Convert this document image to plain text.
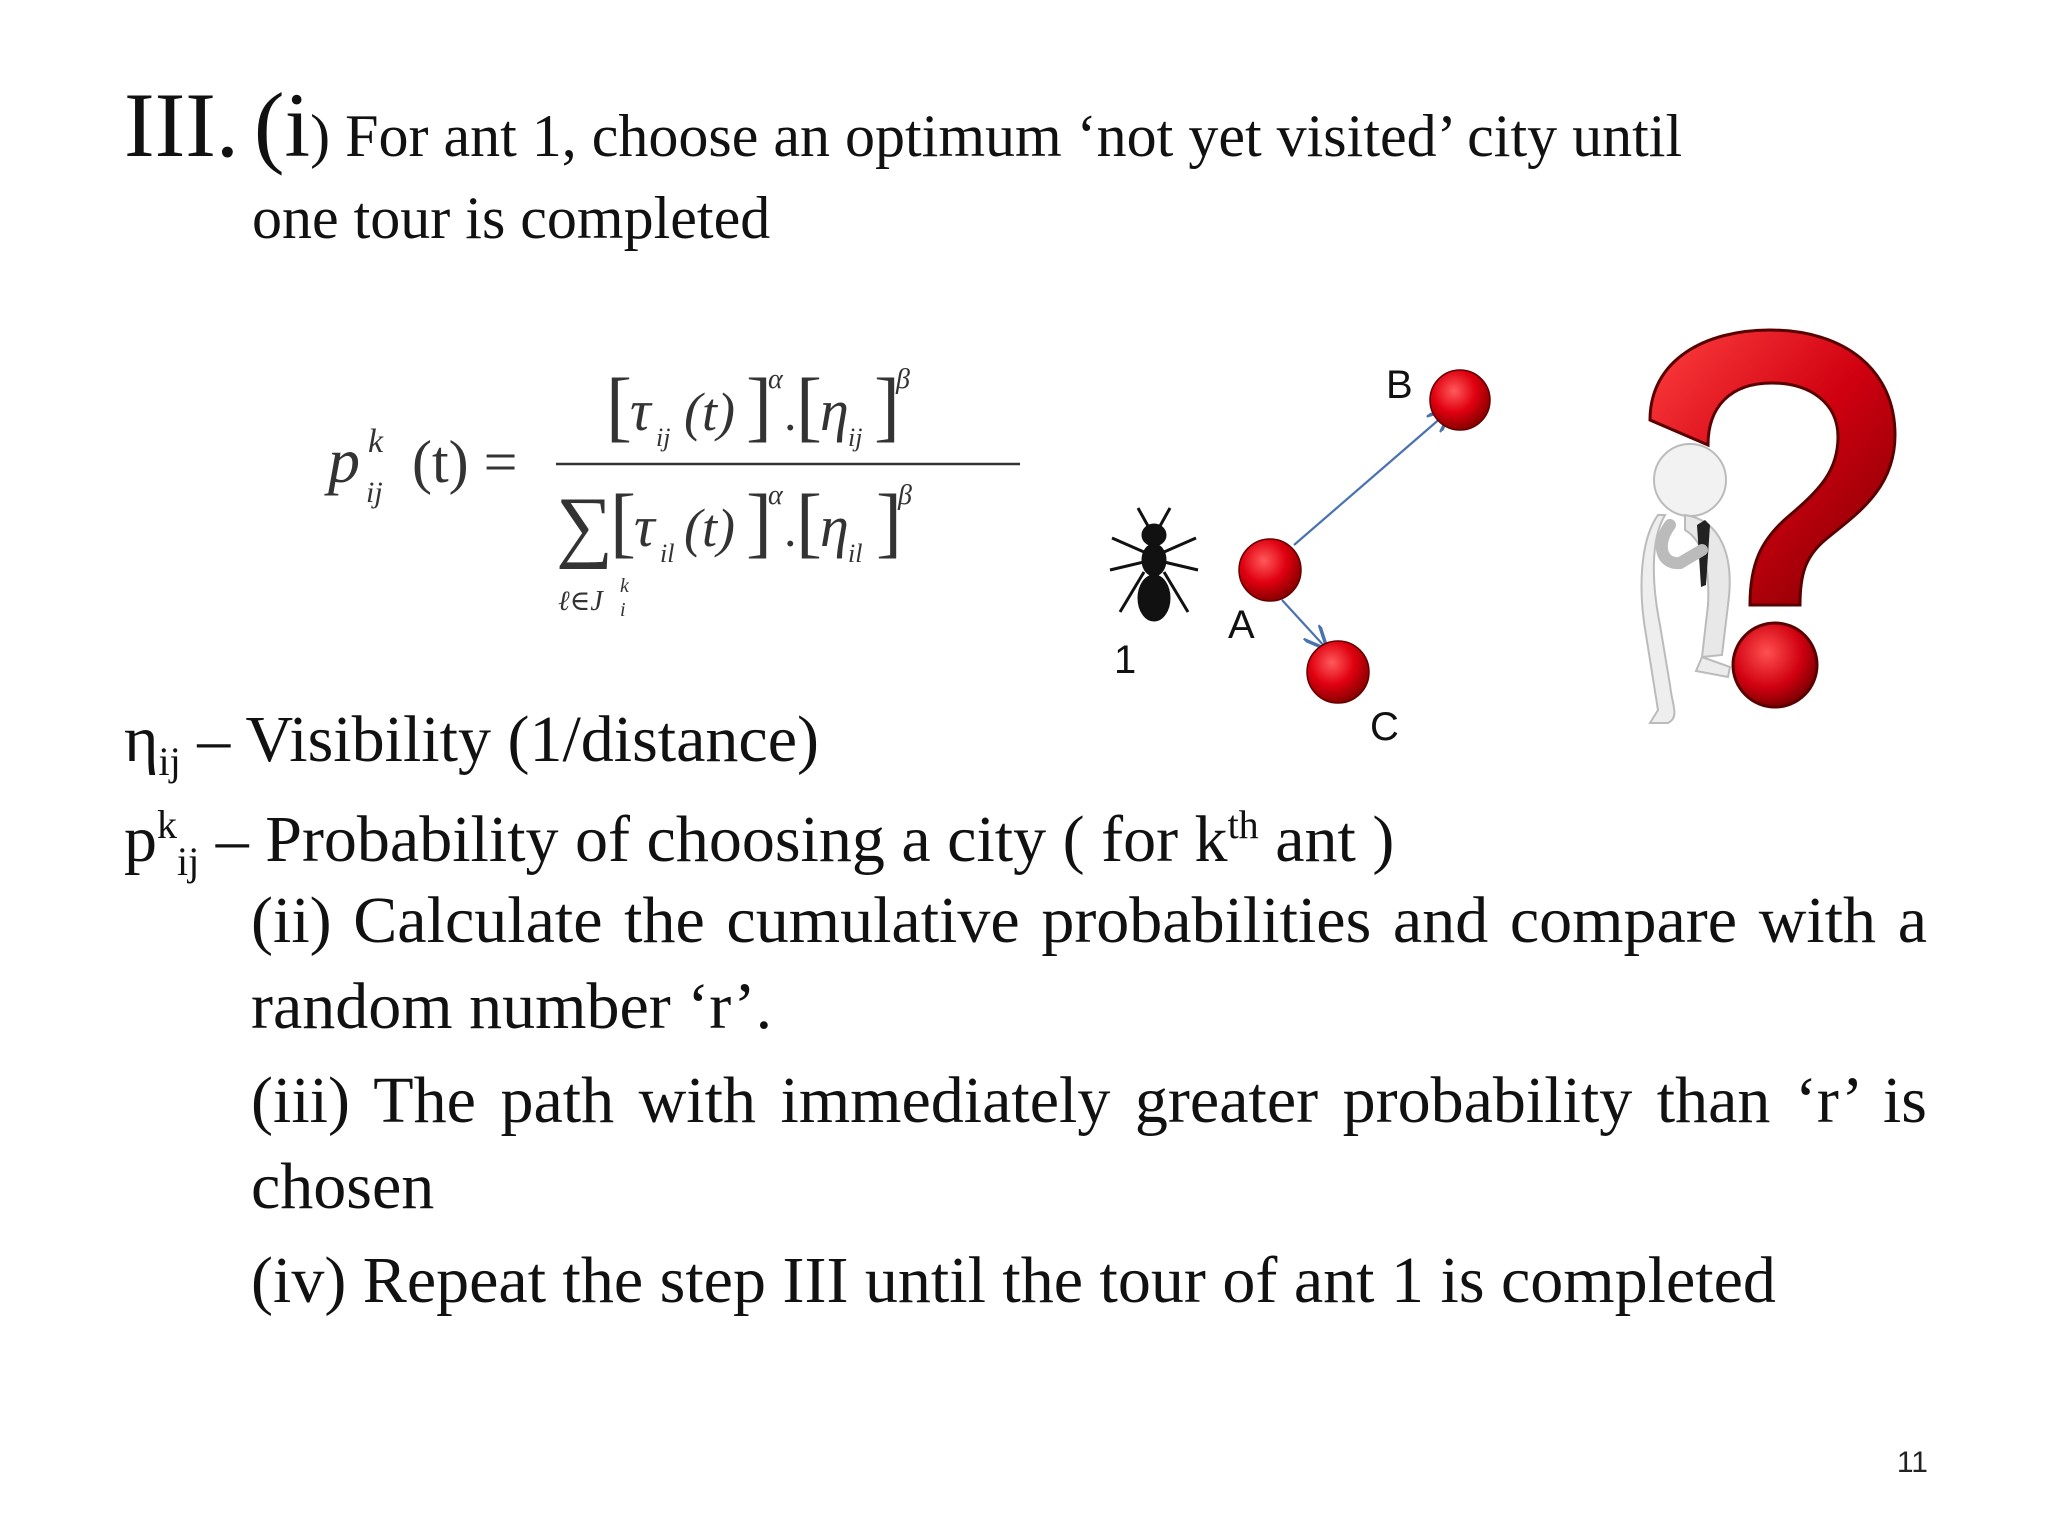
III. (i) For ant 1, choose an optimum ‘not yet visited’ city until
one tour is completed
p k
ij (t) =
[
τ ij (t) ]
α
. [
η ij ]
β
∑
[
τ il (t) ]
α
. [
η il ]
β
ℓ∈J k
i
1
A
B
C
$\eta_{ij}$ – Visibility (1/distance)
$p^k_{ij}$ – Probability of choosing a city ( for $k^{th}$ ant )

(ii) Calculate the cumulative probabilities and compare with a random number ‘r’.

(iii) The path with immediately greater probability than ‘r’ is chosen

(iv) Repeat the step III until the tour of ant 1 is completed

11
